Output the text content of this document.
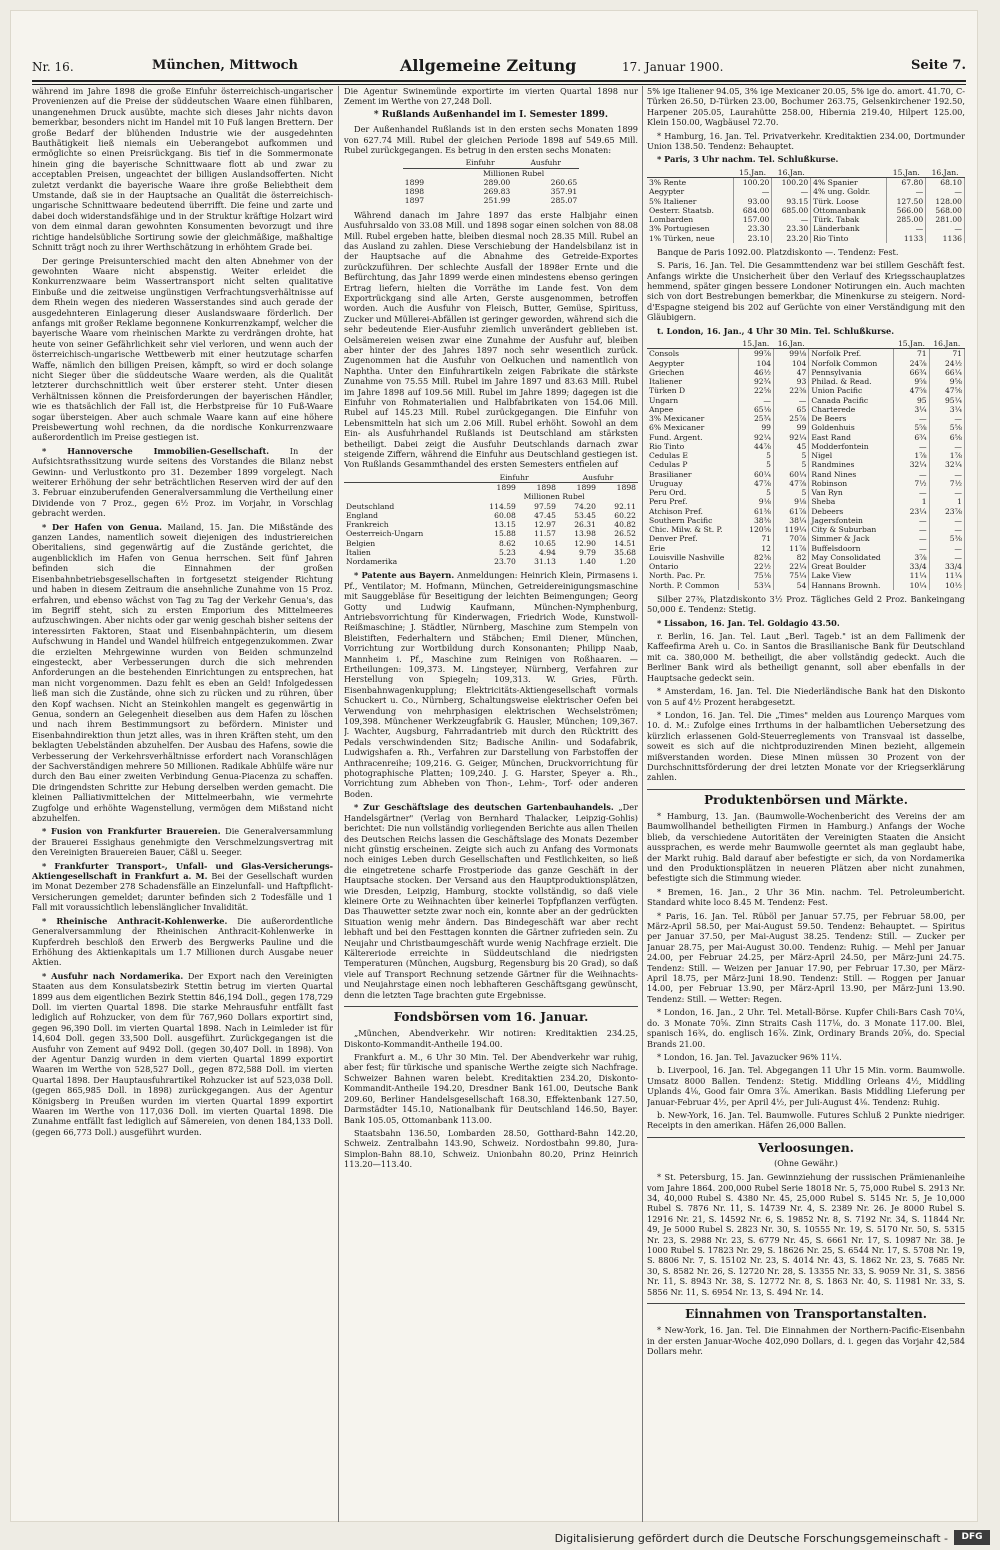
Nr. 16.	München, Mittwoch	Allgemeine Zeitung	17. Januar 1900.	Seite 7.

während im Jahre 1898 die große Einfuhr österreichisch-ungarischer Provenienzen auf die Preise der süddeutschen Waare einen fühlbaren, unangenehmen Druck ausübte, machte sich dieses Jahr nichts davon bemerkbar, besonders nicht im Handel mit 10 Fuß langen Brettern. Der große Bedarf der blühenden Industrie wie der ausgedehnten Bauthätigkeit ließ niemals ein Ueberangebot aufkommen und ermöglichte so einen Preisrückgang. Bis tief in die Sommermonate hinein ging die bayerische Schnittwaare flott ab und zwar zu acceptablen Preisen, ungeachtet der billigen Auslandsofferten. Nicht zuletzt verdankt die bayerische Waare ihre große Beliebtheit dem Umstande, daß sie in der Hauptsache an Qualität die österreichisch-ungarische Schnittwaare bedeutend überrifft. Die feine und zarte und dabei doch widerstandsfähige und in der Struktur kräftige Holzart wird von dem einmal daran gewohnten Konsumenten bevorzugt und ihre richtige handelsübliche Sortirung sowie der gleichmäßige, maßhaltige Schnitt trägt noch zu ihrer Werthschätzung in erhöhtem Grade bei.

Der geringe Preisunterschied macht den alten Abnehmer von der gewohnten Waare nicht abspenstig. Weiter erleidet die Konkurrenzwaare beim Wassertransport nicht selten qualitative Einbuße und die zeitweise ungünstigen Verfrachtungsverhältnisse auf dem Rhein wegen des niederen Wasserstandes sind auch gerade der ausgedehnteren Einlagerung dieser Auslandswaare förderlich. Der anfangs mit großer Reklame begonnene Konkurrenzkampf, welcher die bayerische Waare vom rheinischen Markte zu verdrängen drohte, hat heute von seiner Gefährlichkeit sehr viel verloren, und wenn auch der österreichisch-ungarische Wettbewerb mit einer heutzutage scharfen Waffe, nämlich den billigen Preisen, kämpft, so wird er doch solange nicht Sieger über die süddeutsche Waare werden, als die Qualität letzterer durchschnittlich weit über ersterer steht. Unter diesen Verhältnissen können die Preisforderungen der bayerischen Händler, wie es thatsächlich der Fall ist, die Herbstpreise für 10 Fuß-Waare sogar übersteigen. Aber auch schmale Waare kann auf eine höhere Preisbewertung wohl rechnen, da die nordische Konkurrenzwaare außerordentlich im Preise gestiegen ist.

* Hannoversche Immobilien-Gesellschaft.	In der Aufsichtsrathssitzung wurde seitens des Vorstandes die Bilanz nebst Gewinn- und Verlustkonto pro 31. Dezember 1899 vorgelegt. Nach weiterer Erhöhung der sehr beträchtlichen Reserven wird der auf den 3. Februar einzuberufenden Generalversammlung die Vertheilung einer Dividende von 7 Proz., gegen 6½ Proz. im Vorjahr, in Vorschlag gebracht werden.

* Der Hafen von Genua. Mailand, 15. Jan. Die Mißstände des ganzen Landes, namentlich soweit diejenigen des industriereichen Oberitaliens, sind gegenwärtig auf die Zustände gerichtet, die augenblicklich im Hafen von Genua herrschen. Seit fünf Jahren befinden sich die Einnahmen der großen Eisenbahnbetriebsgesellschaften in fortgesetzt steigender Richtung und haben in diesem Zeitraum die ansehnliche Zunahme von 15 Proz. erfahren, und ebenso wächst von Tag zu Tag der Verkehr Genua's, das im Begriff steht, sich zu ersten Emporium des Mittelmeeres aufzuschwingen. Aber nichts oder gar wenig geschah bisher seitens der interessirten Faktoren, Staat und Eisenbahnpächterin, um diesem Aufschwung in Handel und Wandel hülfreich entgegenzukommen. Zwar die erzielten Mehrgewinne wurden von Beiden schmunzelnd eingesteckt, aber Verbesserungen durch die sich mehrenden Anforderungen an die bestehenden Einrichtungen zu entsprechen, hat man nicht vorgenommen. Dazu fehlt es eben an Geld! Infolgedessen ließ man sich die Zustände, ohne sich zu rücken und zu rühren, über den Kopf wachsen. Nicht an Steinkohlen mangelt es gegenwärtig in Genua, sondern an Gelegenheit dieselben aus dem Hafen zu löschen und nach ihrem Bestimmungsort zu befördern. Minister und Eisenbahndirektion thun jetzt alles, was in ihren Kräften steht, um den beklagten Uebelständen abzuhelfen. Der Ausbau des Hafens, sowie die Verbesserung der Verkehrsverhältnisse erfordert nach Voranschlägen der Sachverständigen mehrere 50 Millionen. Radikale Abhülfe wäre nur durch den Bau einer zweiten Verbindung Genua-Piacenza zu schaffen. Die dringendsten Schritte zur Hebung derselben werden gemacht. Die kleinen Palliativmittelchen der Mittelmeerbahn, wie vermehrte Zugfolge und erhöhte Wagenstellung, vermögen dem Mißstand nicht abzuhelfen.

* Fusion von Frankfurter Brauereien. Die Generalversammlung der Brauerei Essighaus genehmigte den Verschmelzungsvertrag mit den Vereinigten Brauereien Bauer, Cäßl u. Seeger.

* Frankfurter Transport-, Unfall- und Glas-Versicherungs-Aktiengesellschaft in Frankfurt a. M. Bei der Gesellschaft wurden im Monat Dezember 278 Schadensfälle an Einzelunfall- und Haftpflicht-Versicherungen gemeldet; darunter befinden sich 2 Todesfälle und 1 Fall mit voraussichtlich lebenslänglicher Invalidität.

* Rheinische Anthracit-Kohlenwerke. Die außerordentliche Generalversammlung der Rheinischen Anthracit-Kohlenwerke in Kupferdreh beschloß den Erwerb des Bergwerks Pauline und die Erhöhung des Aktienkapitals um 1.7 Millionen durch Ausgabe neuer Aktien.

* Ausfuhr nach Nordamerika. Der Export nach den Vereinigten Staaten aus dem Konsulatsbezirk Stettin betrug im vierten Quartal 1899 aus dem eigentlichen Bezirk Stettin 846,194 Doll., gegen 178,729 Doll. im vierten Quartal 1898. Die starke Mehrausfuhr entfällt fast lediglich auf Rohzucker, von dem für 767,960 Dollars exportirt sind, gegen 96,390 Doll. im vierten Quartal 1898. Nach in Leimleder ist für 14,604 Doll. gegen 33,500 Doll. ausgeführt. Zurückgegangen ist die Ausfuhr von Zement auf 9492 Doll. (gegen 30,407 Doll. in 1898). Von der Agentur Danzig wurden in dem vierten Quartal 1899 exportirt Waaren im Werthe von 528,527 Doll., gegen 872,588 Doll. im vierten Quartal 1898. Der Hauptausfuhrartikel Rohzucker ist auf 523,038 Doll. (gegen 865,985 Doll. in 1898) zurückgegangen. Aus der Agentur Königsberg in Preußen wurden im vierten Quartal 1899 exportirt Waaren im Werthe von 117,036 Doll. im vierten Quartal 1898. Die Zunahme entfällt fast lediglich auf Sämereien, von denen 184,133 Doll. (gegen 66,773 Doll.) ausgeführt wurden.

Die Agentur Swinemünde exportirte im vierten Quartal 1898 nur Zement im Werthe von 27,248 Doll.

* Rußlands Außenhandel im I. Semester 1899.

Der Außenhandel Rußlands ist in den ersten sechs Monaten 1899 von 627.74 Mill. Rubel der gleichen Periode 1898 auf 549.65 Mill. Rubel zurückgegangen. Es betrug in den ersten sechs Monaten:

	Einfuhr	Ausfuhr
	Millionen Rubel	
1899	289.00	260.65
1898	269.83	357.91
1897	251.99	285.07

Während danach im Jahre 1897 das erste Halbjahr einen Ausfuhrsaldo von 33.08 Mill. und 1898 sogar einen solchen von 88.08 Mill. Rubel ergeben hatte, bleiben diesmal noch 28.35 Mill. Rubel an das Ausland zu zahlen. Diese Verschiebung der Handelsbilanz ist in der Hauptsache auf die Abnahme des Getreide-Exportes zurückzuführen. Der schlechte Ausfall der 1898er Ernte und die Befürchtung, das Jahr 1899 werde einen mindestens ebenso geringen Ertrag liefern, hielten die Vorräthe im Lande fest. Von dem Exportrückgang sind alle Arten, Gerste ausgenommen, betroffen worden. Auch die Ausfuhr von Fleisch, Butter, Gemüse, Spirituss, Zucker und Müllerei-Abfällen ist geringer geworden, während sich die sehr bedeutende Eier-Ausfuhr ziemlich unverändert geblieben ist. Oelsämereien weisen zwar eine Zunahme der Ausfuhr auf, bleiben aber hinter der des Jahres 1897 noch sehr wesentlich zurück. Zugenommen hat die Ausfuhr von Oelkuchen und namentlich von Naphtha. Unter den Einfuhrartikeln zeigen Fabrikate die stärkste Zunahme von 75.55 Mill. Rubel im Jahre 1897 und 83.63 Mill. Rubel im Jahre 1898 auf 109.56 Mill. Rubel im Jahre 1899; dagegen ist die Einfuhr von Rohmaterialien und Halbfabrikaten von 154.06 Mill. Rubel auf 145.23 Mill. Rubel zurückgegangen. Die Einfuhr von Lebensmitteln hat sich um 2.06 Mill. Rubel erhöht. Sowohl an dem Ein- als Ausfuhrhandel Rußlands ist Deutschland am stärksten betheiligt. Dabei zeigt die Ausfuhr Deutschlands darnach zwar steigende Ziffern, während die Einfuhr aus Deutschland gestiegen ist. Von Rußlands Gesammthandel des ersten Semesters entfielen auf

	Einfuhr		Ausfuhr	
	1899	1898	1899	1898
	Millionen Rubel			
Deutschland	114.59	97.59	74.20	92.11
England	60.08	47.45	53.45	60.22
Frankreich	13.15	12.97	26.31	40.82
Oesterreich-Ungarn	15.88	11.57	13.98	26.52
Belgien	8.62	10.65	12.90	14.51
Italien	5.23	4.94	9.79	35.68
Nordamerika	23.70	31.13	1.40	1.20

* Patente aus Bayern. Anmeldungen: Heinrich Klein, Pirmasens i. Pf., Ventilator; M. Hofmann, München, Getreidereinigungsmaschine mit Sauggebläse für Beseitigung der leichten Beimengungen; Georg Gotty und Ludwig Kaufmann, München-Nymphenburg, Antriebsvorrichtung für Kinderwagen, Friedrich Wode, Kunstwoll-Reißmaschine; J. Städtler, Nürnberg, Maschine zum Stempeln von Bleistiften, Federhaltern und Stäbchen; Emil Diener, München, Vorrichtung zur Wortbildung durch Konsonanten; Philipp Naab, Mannheim i. Pf., Maschine zum Reinigen von Roßhaaren. — Ertheilungen: 109,373. M. Lingsteyer, Nürnberg, Verfahren zur Herstellung von Spiegeln; 109,313. W. Gries, Fürth. Eisenbahnwagenkupplung; Elektricitäts-Aktiengesellschaft vormals Schuckert u. Co., Nürnberg, Schaltungsweise elektrischer Oefen bei Verwendung von mehrphasigen elektrischen Wechselströmen; 109,398. Münchener Werkzeugfabrik G. Hausler, München; 109,367. J. Wachter, Augsburg, Fahrradantrieb mit durch den Rücktritt des Pedals verschwindenden Sitz; Badische Anilin- und Sodafabrik, Ludwigshafen a. Rh., Verfahren zur Darstellung von Farbstoffen der Anthracenreihe; 109,216. G. Geiger, München, Druckvorrichtung für photographische Platten; 109,240. J. G. Harster, Speyer a. Rh., Vorrichtung zum Abheben von Thon-, Lehm-, Torf- oder anderen Boden.

* Zur Geschäftslage des deutschen Gartenbauhandels. „Der Handelsgärtner" (Verlag von Bernhard Thalacker, Leipzig-Gohlis) berichtet: Die nun vollständig vorliegenden Berichte aus allen Theilen des Deutschen Reichs lassen die Geschäftslage des Monats Dezember nicht günstig erscheinen. Zeigte sich auch zu Anfang des Vormonats noch einiges Leben durch Gesellschaften und Festlichkeiten, so ließ die eingetretene scharfe Frostperiode das ganze Geschäft in der Hauptsache stocken. Der Versand aus den Hauptproduktionsplätzen, wie Dresden, Leipzig, Hamburg, stockte vollständig, so daß viele kleinere Orte zu Weihnachten über keinerlei Topfpflanzen verfügten. Das Thauwetter setzte zwar noch ein, konnte aber an der gedrückten Situation wenig mehr ändern. Das Bindegeschäft war aber recht lebhaft und bei den Festtagen konnten die Gärtner zufrieden sein. Zu Neujahr und Christbaumgeschäft wurde wenig Nachfrage erzielt. Die Kältereriode erreichte in Süddeutschland die niedrigsten Temperaturen (München, Augsburg, Regensburg bis 20 Grad), so daß viele auf Transport Rechnung setzende Gärtner für die Weihnachts- und Neujahrstage einen noch lebhafteren Geschäftsgang gewünscht, denn die letzten Tage brachten gute Ergebnisse.

Fondsbörsen vom 16. Januar.

„München, Abendverkehr. Wir notiren: Kreditaktien 234.25, Diskonto-Kommandit-Antheile 194.00.

Frankfurt a. M., 6 Uhr 30 Min. Tel. Der Abendverkehr war ruhig, aber fest; für türkische und spanische Werthe zeigte sich Nachfrage. Schweizer Bahnen waren belebt. Kreditaktien 234.20, Diskonto-Kommandit-Antheile 194.20, Dresdner Bank 161.00, Deutsche Bank 209.60, Berliner Handelsgesellschaft 168.30, Effektenbank 127.50, Darmstädter 145.10, Nationalbank für Deutschland 146.50, Bayer. Bank 105.05, Ottomanbank 113.00.

Staatsbahn 136.50, Lombarden 28.50, Gotthard-Bahn 142.20, Schweiz. Zentralbahn 143.90, Schweiz. Nordostbahn 99.80, Jura-Simplon-Bahn 88.10, Schweiz. Unionbahn 80.20, Prinz Heinrich 113.20—113.40.

5% ige Italiener 94.05, 3% ige Mexicaner 20.05, 5% ige do. amort. 41.70, C-Türken 26.50, D-Türken 23.00, Bochumer 263.75, Gelsenkirchener 192.50, Harpener 205.05, Laurahütte 258.00, Hibernia 219.40, Hilpert 125.00, Klein 150.00, Wagbäusel 72.70.

* Hamburg, 16. Jan. Tel. Privatverkehr. Kreditaktien 234.00, Dortmunder Union 138.50. Tendenz: Behauptet.

* Paris, 3 Uhr nachm. Tel. Schlußkurse.

	15.Jan.	16.Jan.		15.Jan.	16.Jan.
3% Rente	100.20	100.20	4% Spanier	67.80	68.10
Aegypter	—	—	4% ung. Goldr.	—	—
5% Italiener	93.00	93.15	Türk. Loose	127.50	128.00
Oesterr. Staatsb.	684.00	685.00	Ottomanbank	566.00	568.00
Lombarden	157.00	—	Türk. Tabak	285.00	281.00
3% Portugiesen	23.30	23.30	Länderbank	—	—
1% Türken, neue	23.10	23.20	Rio Tinto	1133	1136

Banque de Paris 1092.00. Platzdiskonto —. Tendenz: Fest.

S. Paris, 16. Jan. Tel. Die Gesammttendenz war bei stillem Geschäft fest. Anfangs wirkte die Unsicherheit über den Verlauf des Kriegsschauplatzes hemmend, später gingen bessere Londoner Notirungen ein. Auch machten sich von dort Bestrebungen bemerkbar, die Minenkurse zu steigern. Nord-d'Espagne steigend bis 202 auf Gerüchte von einer Verständigung mit den Gläubigern.

t. London, 16. Jan., 4 Uhr 30 Min. Tel. Schlußkurse.

	15.Jan.	16.Jan.		15.Jan.	16.Jan.
Consols	99⅞	99⅛	Norfolk Pref.	71	71
Aegypter	104	104	Norfolk Common	24⅞	24½
Griechen	46½	47	Pennsylvania	66¾	66¼
Italiener	92¾	93	Philad. & Read.	9⅝	9⅝
Türken D	22⅝	22⅜	Union Pacific	47⅝	47⅝
Ungarn	—	—	Canada Pacific	95	95¼
Anpee	65⅛	65	Charterede	3¼	3¼
3% Mexicaner	25¾	25⅞	De Beers	—	—
6% Mexicaner	99	99	Goldenhuis	5⅝	5⅝
Fund. Argent.	92¼	92¼	East Rand	6¾	6⅝
Rio Tinto	44⅞	45	Modderfontein	—	—
Cedulas E	5	5	Nigel	1⅞	1⅞
Cedulas P	5	5	Randmines	32¼	32¼
Brasilianer	60¼	60¼	Rand Nines	—	—
Uruguay	47⅞	47⅞	Robinson	7½	7½
Peru Ord.	5	5	Van Ryn	—	—
Peru Pref.	9⅛	9⅛	Sheba	1	1
Atchison Pref.	61⅜	61⅞	Debeers	23¼	23⅞
Southern Pacific	38⅜	38¼	Jagersfontein	—	—
Chic. Milw. & St. P.	120⅝	119¼	City & Suburban	—	—
Denver Pref.	71	70⅞	Simmer & Jack	—	5⅜
Erie	12	11⅞	Buffelsdoorn	—	—
Louisville Nashville	82⅜	82	May Consolidated	3⅞	—
Ontario	22½	22¼	Great Boulder	33/4	33/4
North. Pac. Pr.	75⅛	75¼	Lake View	11¼	11¼
North. P. Common	53¼	54	Hannans Brownh.	10¼	10½

Silber 27⅜, Platzdiskonto 3½ Proz. Tägliches Geld 2 Proz. Bankeingang 50,000 £. Tendenz: Stetig.

* Lissabon, 16. Jan. Tel. Goldagio 43.50.

r. Berlin, 16. Jan. Tel. Laut „Berl. Tageb." ist an dem Fallimenk der Kaffeefirma Areh u. Co. in Santos die Brasilianische Bank für Deutschland mit ca. 380,000 M. betheiligt, die aber vollständig gedeckt. Auch die Berliner Bank wird als betheiligt genannt, soll aber ebenfalls in der Hauptsache gedeckt sein.

* Amsterdam, 16. Jan. Tel. Die Niederländische Bank hat den Diskonto von 5 auf 4½ Prozent herabgesetzt.

* London, 16. Jan. Tel. Die „Times" melden aus Lourenço Marques vom 10. d. M.: Zufolge eines Irrthums in der halbamtlichen Uebersetzung des kürzlich erlassenen Gold-Steuerreglements von Transvaal ist dasselbe, soweit es sich auf die nichtproduzirenden Minen bezieht, allgemein mißverstanden worden. Diese Minen müssen 30 Prozent von der Durchschnittsförderung der drei letzten Monate vor der Kriegserklärung zahlen.

Produktenbörsen und Märkte.

* Hamburg, 13. Jan. (Baumwolle-Wochenbericht des Vereins der am Baumwollhandel betheiligten Firmen in Hamburg.) Anfangs der Woche blieb, da verschiedene Autoritäten der Vereinigten Staaten die Ansicht aussprachen, es werde mehr Baumwolle geerntet als man geglaubt habe, der Markt ruhig. Bald darauf aber befestigte er sich, da von Nordamerika und den Produktionsplätzen in neueren Plätzen aber nicht zunahmen, befestigte sich die Stimmung wieder.

* Bremen, 16. Jan., 2 Uhr 36 Min. nachm. Tel. Petroleumbericht. Standard white loco 8.45 M. Tendenz: Fest.

* Paris, 16. Jan. Tel. Rüböl per Januar 57.75, per Februar 58.00, per März-April 58.50, per Mai-August 59.50. Tendenz: Behauptet. — Spiritus per Januar 37.50, per Mai-August 38.25. Tendenz: Still. — Zucker per Januar 28.75, per Mai-August 30.00. Tendenz: Ruhig. — Mehl per Januar 24.00, per Februar 24.25, per März-April 24.50, per März-Juni 24.75. Tendenz: Still. — Weizen per Januar 17.90, per Februar 17.30, per März-April 18.75, per März-Juni 18.90. Tendenz: Still. — Roggen per Januar 14.00, per Februar 13.90, per März-April 13.90, per März-Juni 13.90. Tendenz: Still. — Wetter: Regen.

* London, 16. Jan., 2 Uhr. Tel. Metall-Börse. Kupfer Chili-Bars Cash 70¼, do. 3 Monate 70⅝. Zinn Straits Cash 117⅛, do. 3 Monate 117.00. Blei, spanisch 16¾, do. englisch 16⅞. Zink, Ordinary Brands 20⅝, do. Special Brands 21.00.

* London, 16. Jan. Tel. Javazucker 96% 11¼.

b. Liverpool, 16. Jan. Tel. Abgegangen 11 Uhr 15 Min. vorm. Baumwolle. Umsatz 8000 Ballen. Tendenz: Stetig. Middling Orleans 4½, Middling Uplands 4⅛, Good fair Omra 3⅞. Amerikan. Basis Middling Lieferung per Januar-Februar 4½, per April 4½, per Juli-August 4⅛. Tendenz: Ruhig.

b. New-York, 16. Jan. Tel. Baumwolle. Futures Schluß 2 Punkte niedriger. Receipts in den amerikan. Häfen 26,000 Ballen.

Verloosungen.
(Ohne Gewähr.)

* St. Petersburg, 15. Jan. Gewinnziehung der russischen Prämienanleihe vom Jahre 1864. 200,000 Rubel Serie 18018 Nr. 5, 75,000 Rubel S. 2913 Nr. 34, 40,000 Rubel S. 4380 Nr. 45, 25,000 Rubel S. 5145 Nr. 5, Je 10,000 Rubel S. 7876 Nr. 11, S. 14739 Nr. 4, S. 2389 Nr. 26. Je 8000 Rubel S. 12916 Nr. 21, S. 14592 Nr. 6, S. 19852 Nr. 8, S. 7192 Nr. 34, S. 11844 Nr. 49, Je 5000 Rubel S. 2823 Nr. 30, S. 10555 Nr. 19, S. 5170 Nr. 50, S. 5315 Nr. 23, S. 2988 Nr. 23, S. 6779 Nr. 45, S. 6661 Nr. 17, S. 10987 Nr. 38. Je 1000 Rubel S. 17823 Nr. 29, S. 18626 Nr. 25, S. 6544 Nr. 17, S. 5708 Nr. 19, S. 8806 Nr. 7, S. 15102 Nr. 23, S. 4014 Nr. 43, S. 1862 Nr. 23, S. 7685 Nr. 30, S. 8582 Nr. 26, S. 12720 Nr. 28, S. 13355 Nr. 33, S. 9059 Nr. 31, S. 3856 Nr. 11, S. 8943 Nr. 38, S. 12772 Nr. 8, S. 1863 Nr. 40, S. 11981 Nr. 33, S. 5856 Nr. 11, S. 6954 Nr. 13, S. 494 Nr. 14.

Einnahmen von Transportanstalten.

* New-York, 16. Jan. Tel. Die Einnahmen der Northern-Pacific-Eisenbahn in der ersten Januar-Woche 402,090 Dollars, d. i. gegen das Vorjahr 42,584 Dollars mehr.

Digitalisierung gefördert durch die Deutsche Forschungsgemeinschaft -	DFG
